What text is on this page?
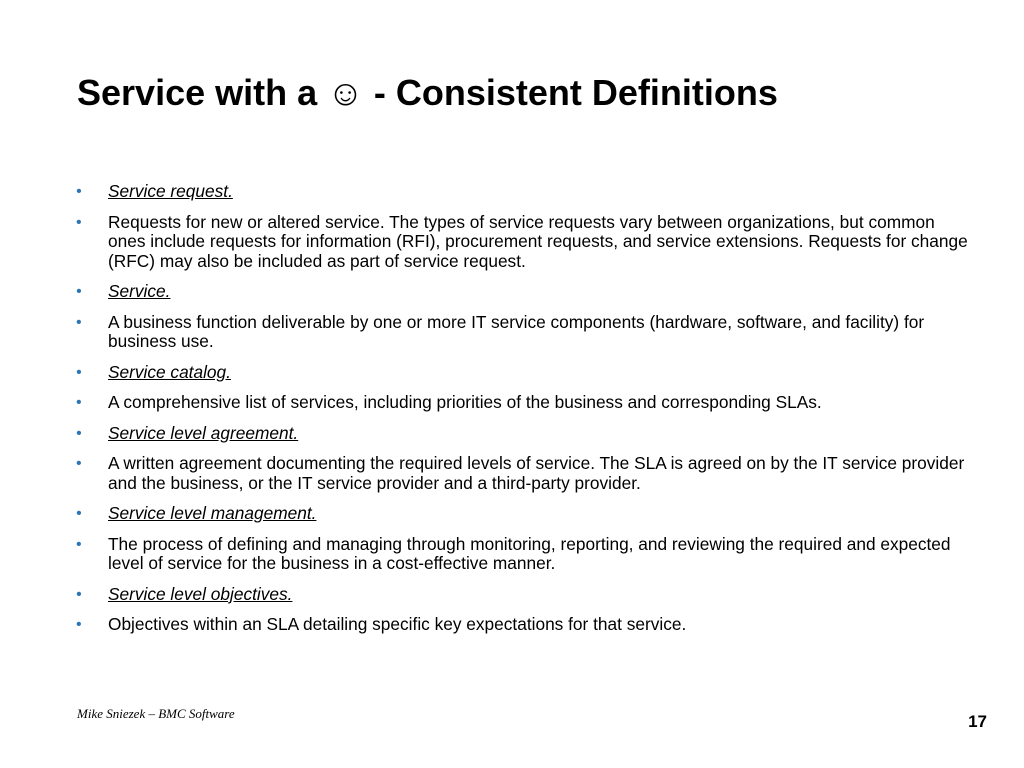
Service with a ☺ - Consistent Definitions
• Service request.
• Requests for new or altered service. The types of service requests vary between organizations, but common ones include requests for information (RFI), procurement requests, and service extensions. Requests for change (RFC) may also be included as part of service request.
• Service.
• A business function deliverable by one or more IT service components (hardware, software, and facility) for business use.
• Service catalog.
• A comprehensive list of services, including priorities of the business and corresponding SLAs.
• Service level agreement.
• A written agreement documenting the required levels of service. The SLA is agreed on by the IT service provider and the business, or the IT service provider and a third-party provider.
• Service level management.
• The process of defining and managing through monitoring, reporting, and reviewing the required and expected level of service for the business in a cost-effective manner.
• Service level objectives.
• Objectives within an SLA detailing specific key expectations for that service.
Mike Sniezek – BMC Software	17
